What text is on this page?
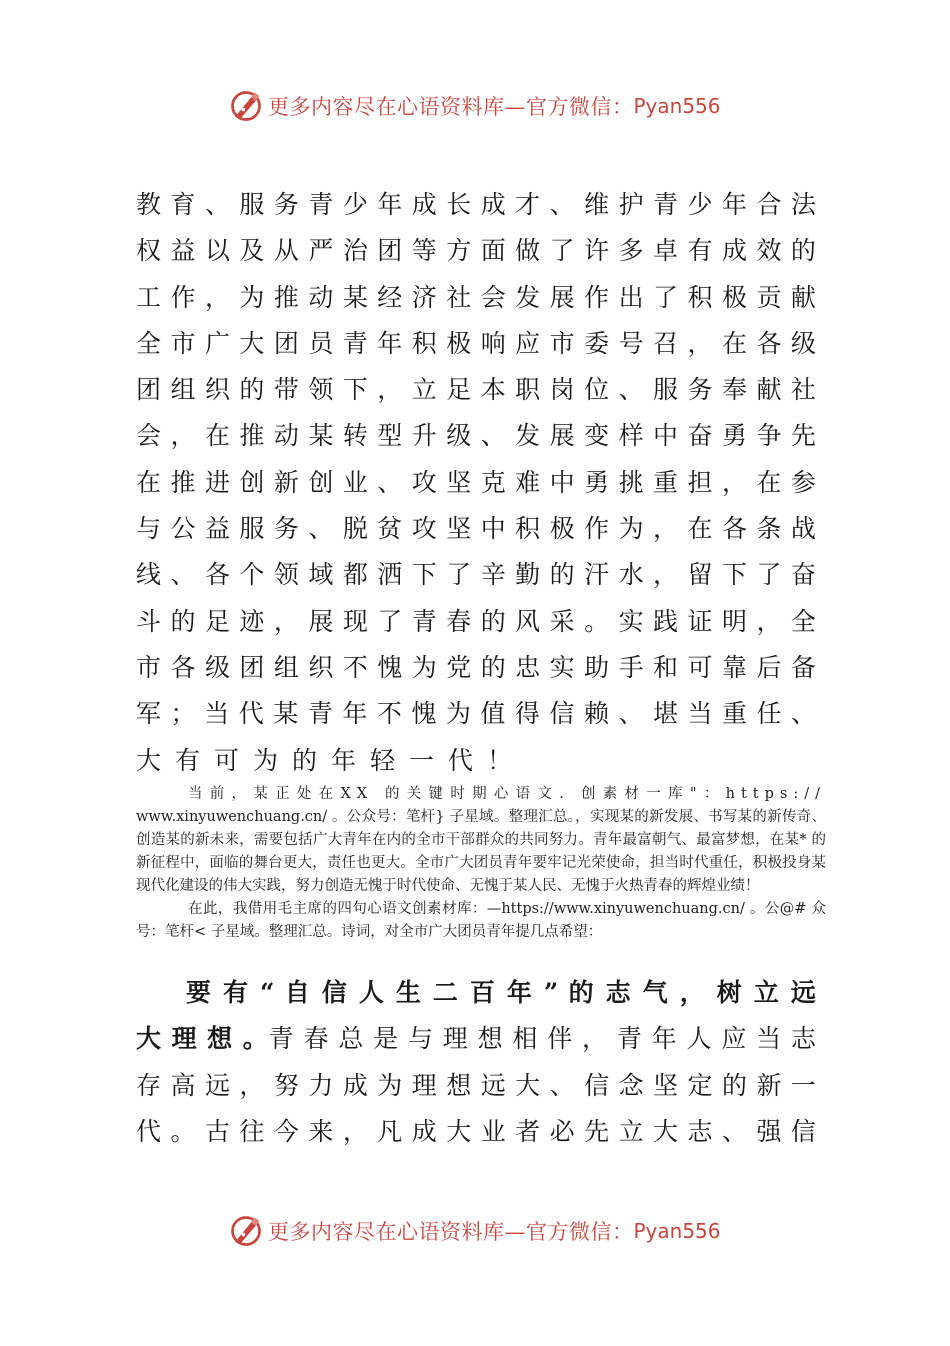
更多内容尽在心语资料库—官方微信： Pyan556
教 育 、 服 务 青 少 年 成 长 成 才 、 维 护 青 少 年 合 法
权 益 以 及 从 严 治 团 等 方 面 做 了 许 多 卓 有 成 效 的
工 作 ， 为 推 动 某 经 济 社 会 发 展 作 出 了 积 极 贡 献
全 市 广 大 团 员 青 年 积 极 响 应 市 委 号 召 ， 在 各 级
团 组 织 的 带 领 下 ， 立 足 本 职 岗 位 、 服 务 奉 献 社
会 ， 在 推 动 某 转 型 升 级 、 发 展 变 样 中 奋 勇 争 先
在 推 进 创 新 创 业 、 攻 坚 克 难 中 勇 挑 重 担 ， 在 参
与 公 益 服 务 、 脱 贫 攻 坚 中 积 极 作 为 ， 在 各 条 战
线 、 各 个 领 域 都 洒 下 了 辛 勤 的 汗 水 ， 留 下 了 奋
斗 的 足 迹 ， 展 现 了 青 春 的 风 采 。 实 践 证 明 ， 全
市 各 级 团 组 织 不 愧 为 党 的 忠 实 助 手 和 可 靠 后 备
军 ； 当 代 某 青 年 不 愧 为 值 得 信 赖 、 堪 当 重 任 、
大有可为的年轻一代！

当前，某正处在XX 的关键时期心语文．创素材一库"：https:// www.xinyuwenchuang.cn/ 。公众号：笔杆} 子星域。整理汇总。，实现某的新发展、书写某的新传奇、创造某的新未来，需要包括广大青年在内的全市干部群众的共同努力。青年最富朝气、最富梦想，在某* 的新征程中，面临的舞台更大，责任也更大。全市广大团员青年要牢记光荣使命，担当时代重任，积极投身某现代化建设的伟大实践，努力创造无愧于时代使命、无愧于某人民、无愧于火热青春的辉煌业绩！

在此，我借用毛主席的四句心语文创素材库：—https://www.xinyuwenchuang.cn/ 。公@# 众号：笔杆< 子星域。整理汇总。诗词，对全市广大团员青年提几点希望：

要 有 “ 自 信 人 生 二 百 年 ” 的 志 气 ， 树 立 远
大 理 想 。青 春 总 是 与 理 想 相 伴 ， 青 年 人 应 当 志
存 高 远 ， 努 力 成 为 理 想 远 大 、 信 念 坚 定 的 新 一
代 。 古 往 今 来 ， 凡 成 大 业 者 必 先 立 大 志 、 强 信
更多内容尽在心语资料库—官方微信： Pyan556
